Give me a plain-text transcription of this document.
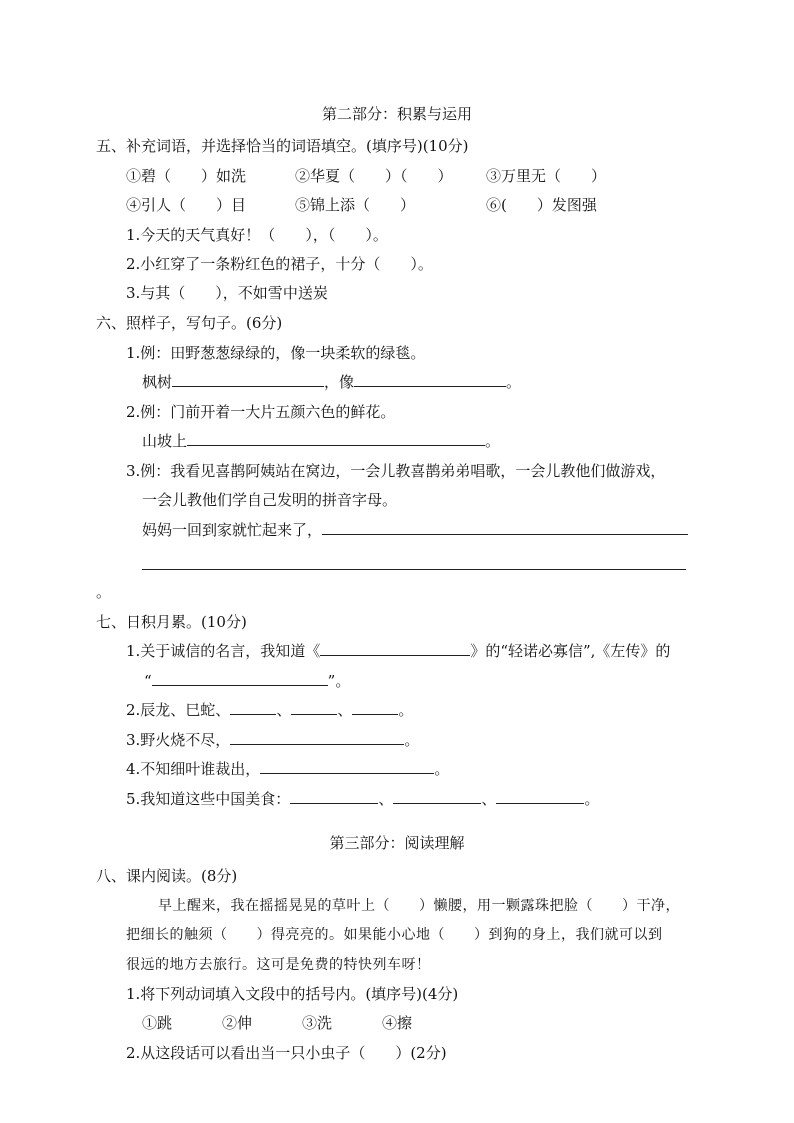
第二部分：积累与运用
五、补充词语，并选择恰当的词语填空。(填序号)(10分)
①碧（　　）如洗	②华夏（　　）（　　） ③万里无（　　）
④引人（　　）目	⑤锦上添（　　）	⑥(　　）发图强
1.今天的天气真好！（　　），（　　）。
2.小红穿了一条粉红色的裙子，十分（　　）。
3.与其（　　），不如雪中送炭
六、照样子，写句子。(6分)
1.例：田野葱葱绿绿的，像一块柔软的绿毯。
枫树	，像	。
2.例：门前开着一大片五颜六色的鲜花。
山坡上	。
3.例：我看见喜鹊阿姨站在窝边，一会儿教喜鹊弟弟唱歌，一会儿教他们做游戏，
一会儿教他们学自己发明的拼音字母。
妈妈一回到家就忙起来了，
。
七、日积月累。(10分)
1.关于诚信的名言，我知道《	》的“轻诺必寡信”,《左传》的
“	”。
2.辰龙、巳蛇、	、	、	。
3.野火烧不尽，	。
4.不知细叶谁裁出，	。
5.我知道这些中国美食：	、	、	。
第三部分：阅读理解
八、课内阅读。(8分)
早上醒来，我在摇摇晃晃的草叶上（　　）懒腰，用一颗露珠把脸（　　）干净，
把细长的触须（　　）得亮亮的。如果能小心地（　　）到狗的身上，我们就可以到
很远的地方去旅行。这可是免费的特快列车呀！
1.将下列动词填入文段中的括号内。(填序号)(4分)
①跳	②伸	③洗	④擦
2.从这段话可以看出当一只小虫子（　　）(2分)
